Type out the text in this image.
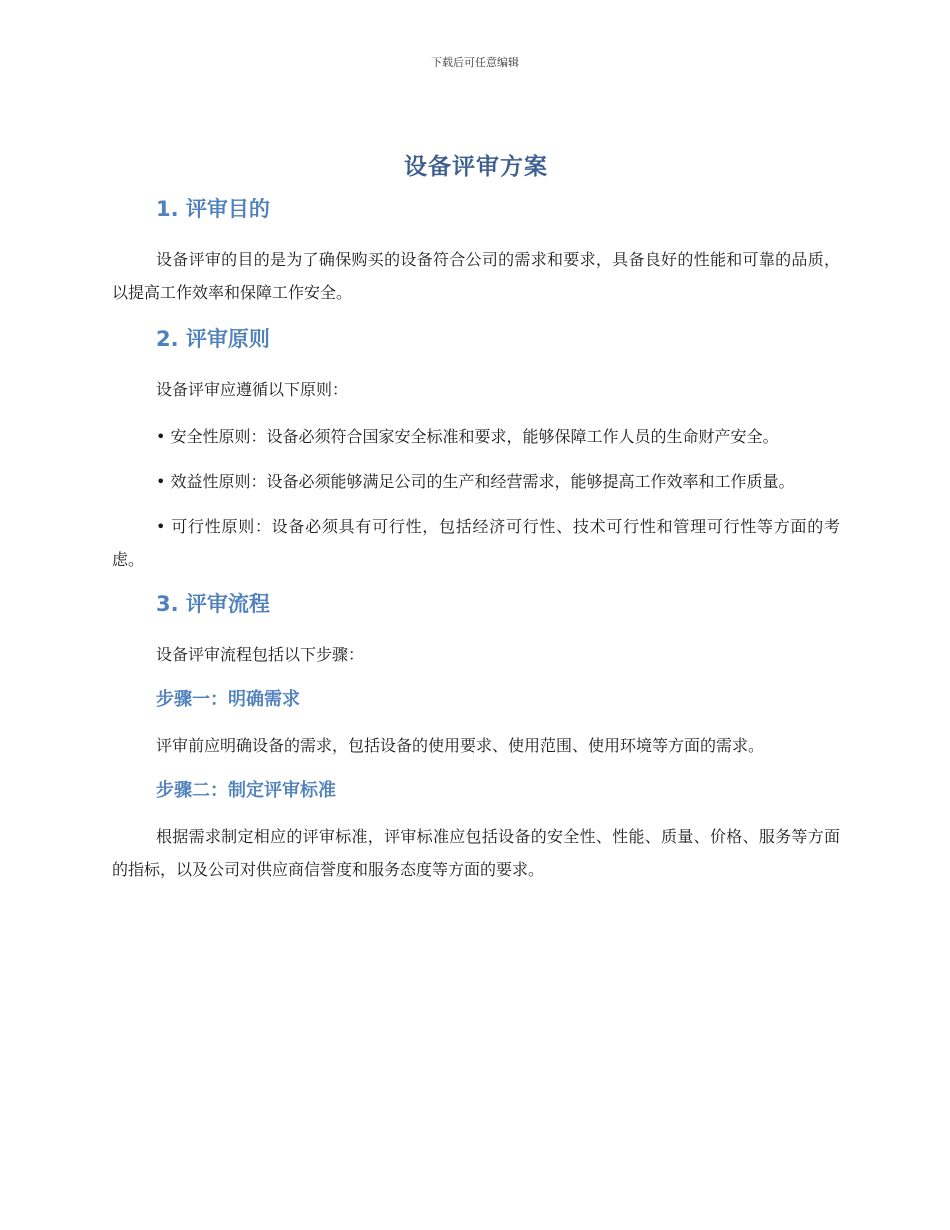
下载后可任意编辑
设备评审方案
1. 评审目的

设备评审的目的是为了确保购买的设备符合公司的需求和要求，具备良好的性能和可靠的品质，以提高工作效率和保障工作安全。

2. 评审原则

设备评审应遵循以下原则：

• 安全性原则：设备必须符合国家安全标准和要求，能够保障工作人员的生命财产安全。

• 效益性原则：设备必须能够满足公司的生产和经营需求，能够提高工作效率和工作质量。

• 可行性原则：设备必须具有可行性，包括经济可行性、技术可行性和管理可行性等方面的考虑。

3. 评审流程

设备评审流程包括以下步骤：

步骤一：明确需求

评审前应明确设备的需求，包括设备的使用要求、使用范围、使用环境等方面的需求。

步骤二：制定评审标准

根据需求制定相应的评审标准，评审标准应包括设备的安全性、性能、质量、价格、服务等方面的指标，以及公司对供应商信誉度和服务态度等方面的要求。
